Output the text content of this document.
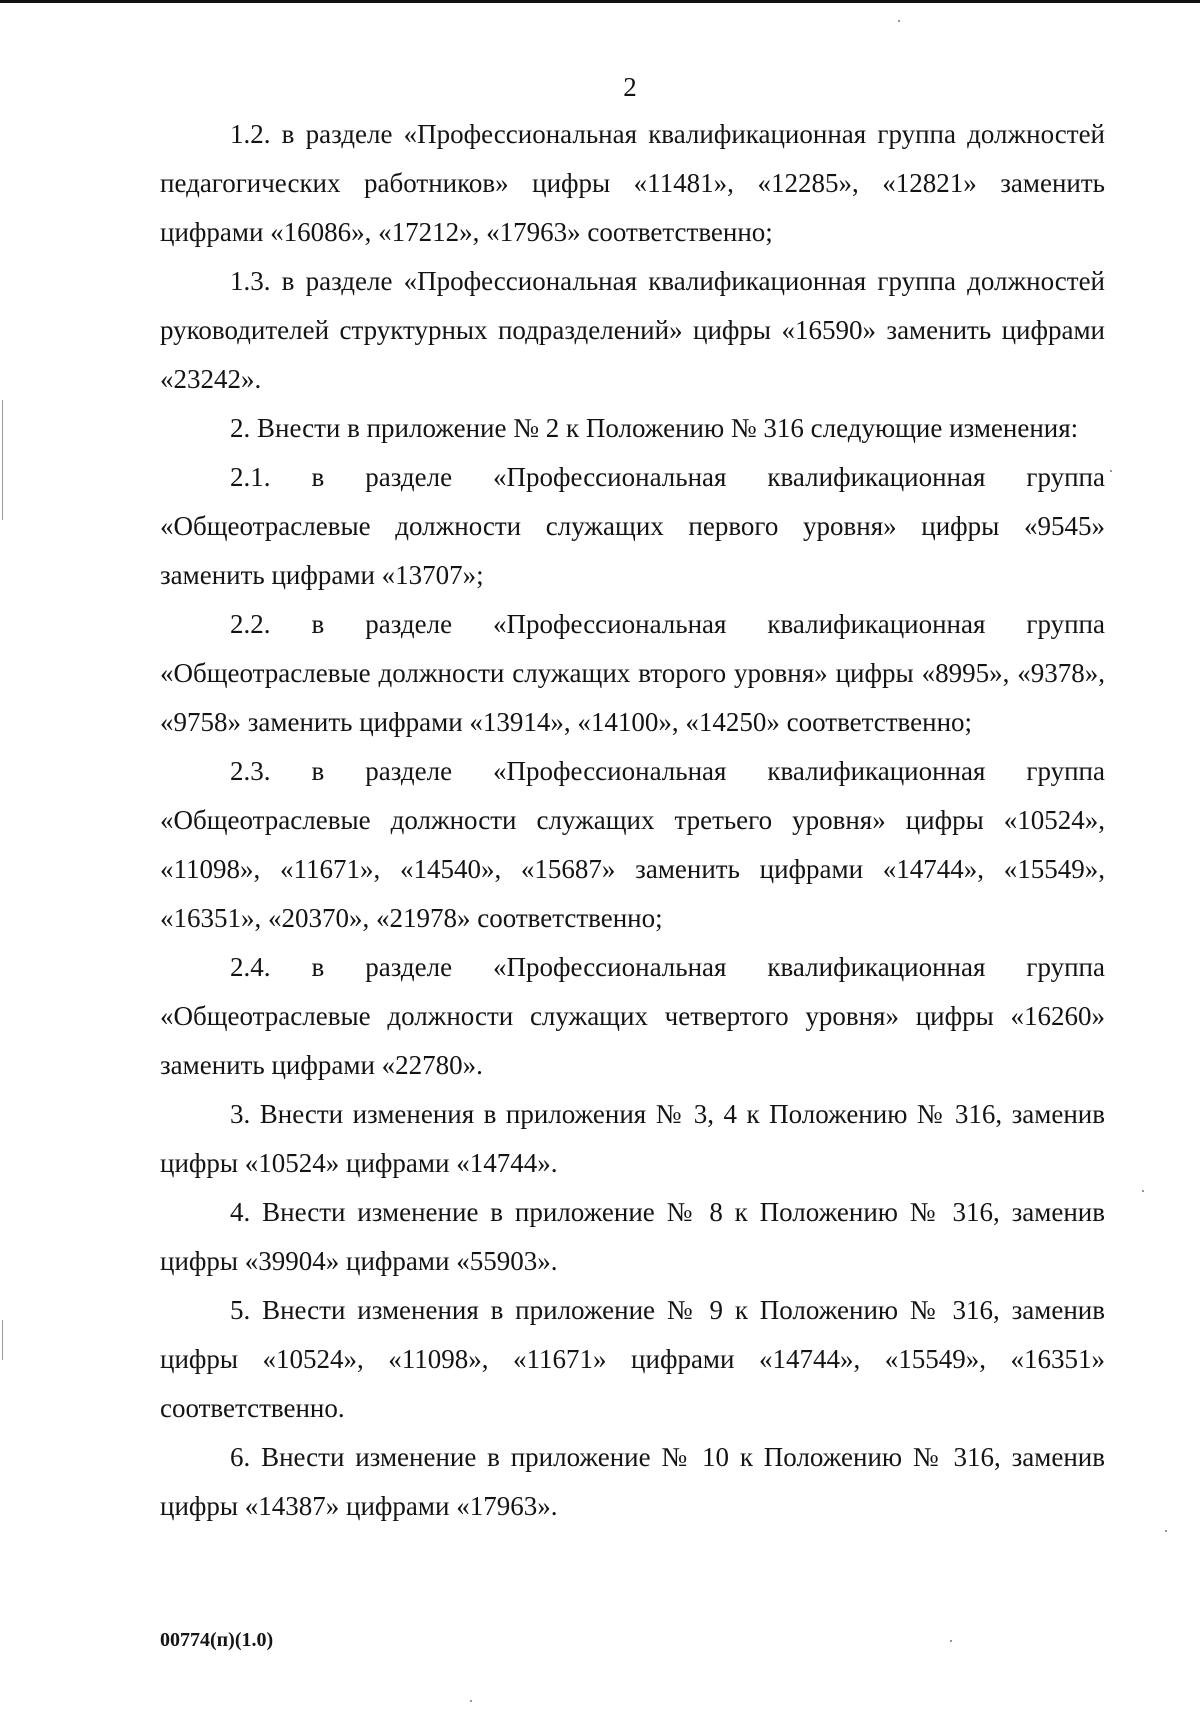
2

1.2. в разделе «Профессиональная квалификационная группа должностей педагогических работников» цифры «11481», «12285», «12821» заменить цифрами «16086», «17212», «17963» соответственно;

1.3. в разделе «Профессиональная квалификационная группа должностей руководителей структурных подразделений» цифры «16590» заменить цифрами «23242».

2. Внести в приложение № 2 к Положению № 316 следующие изменения:

2.1. в разделе «Профессиональная квалификационная группа «Общеотраслевые должности служащих первого уровня» цифры «9545» заменить цифрами «13707»;

2.2. в разделе «Профессиональная квалификационная группа «Общеотраслевые должности служащих второго уровня» цифры «8995», «9378», «9758» заменить цифрами «13914», «14100», «14250» соответственно;

2.3. в разделе «Профессиональная квалификационная группа «Общеотраслевые должности служащих третьего уровня» цифры «10524», «11098», «11671», «14540», «15687» заменить цифрами «14744», «15549», «16351», «20370», «21978» соответственно;

2.4. в разделе «Профессиональная квалификационная группа «Общеотраслевые должности служащих четвертого уровня» цифры «16260» заменить цифрами «22780».

3. Внести изменения в приложения № 3, 4 к Положению № 316, заменив цифры «10524» цифрами «14744».

4. Внести изменение в приложение № 8 к Положению № 316, заменив цифры «39904» цифрами «55903».

5. Внести изменения в приложение № 9 к Положению № 316, заменив цифры «10524», «11098», «11671» цифрами «14744», «15549», «16351» соответственно.

6. Внести изменение в приложение № 10 к Положению № 316, заменив цифры «14387» цифрами «17963».

00774(п)(1.0)
